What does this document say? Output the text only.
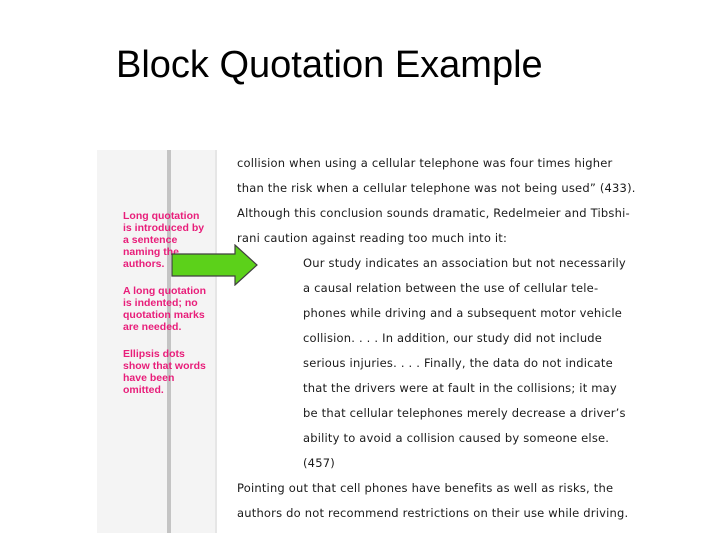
Block Quotation Example
Long quotation is introduced by a sentence naming the authors.
A long quotation is indented; no quotation marks are needed.
Ellipsis dots show that words have been omitted.
collision when using a cellular telephone was four times higher
than the risk when a cellular telephone was not being used” (433).
Although this conclusion sounds dramatic, Redelmeier and Tibshi-
rani caution against reading too much into it:
Our study indicates an association but not necessarily
a causal relation between the use of cellular tele-
phones while driving and a subsequent motor vehicle
collision. . . . In addition, our study did not include
serious injuries. . . . Finally, the data do not indicate
that the drivers were at fault in the collisions; it may
be that cellular telephones merely decrease a driver’s
ability to avoid a collision caused by someone else.
(457)
Pointing out that cell phones have benefits as well as risks, the
authors do not recommend restrictions on their use while driving.
